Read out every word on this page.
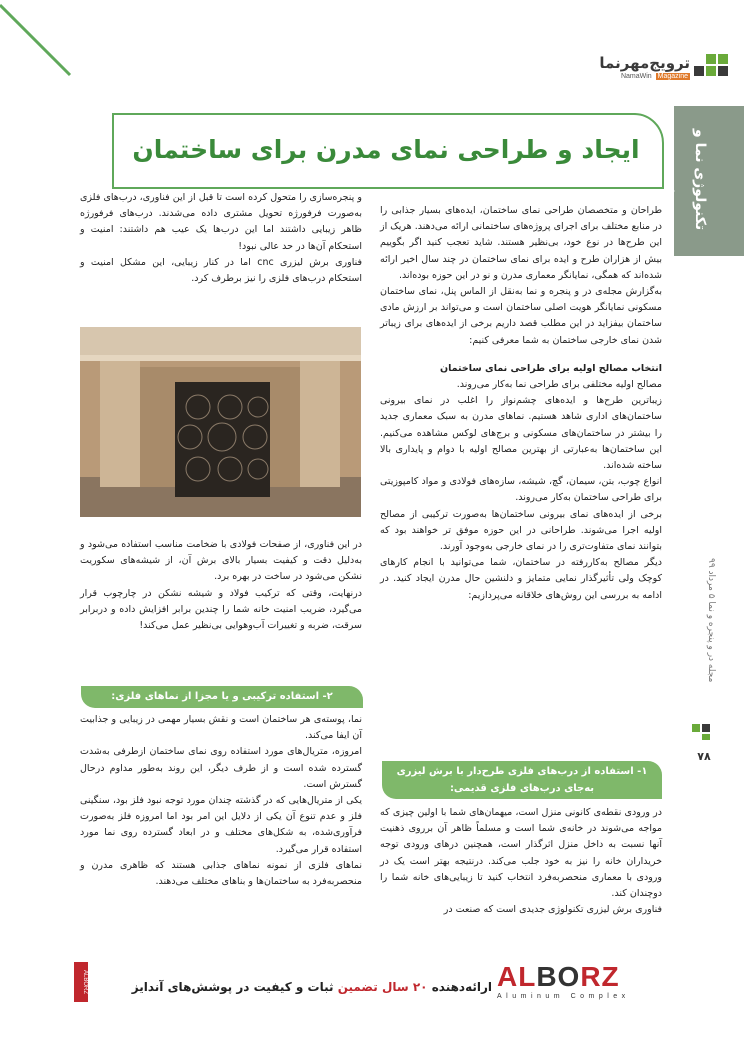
ترویج‌مهر‌نما
NamaWin Magazine
تکنولوژی نما و پنجره
مجله در و پنجره و نما ۵ مرداد ۹۹
۷۸
ایجاد و طراحی نمای مدرن برای ساختمان

طراحان و متخصصان طراحی نمای ساختمان، ایده‌های بسیار جذابی را در منابع مختلف برای اجرای پروژه‌های ساختمانی ارائه می‌دهند. هریک از این طرح‌ها در نوع خود، بی‌نظیر هستند. شاید تعجب کنید اگر بگوییم بیش از هزاران طرح و ایده برای نمای ساختمان در چند سال اخیر ارائه شده‌اند که همگی، نمایانگر معماری مدرن و نو در این حوزه بوده‌اند.

به‌گزارش مجله‌ی در و پنجره و نما به‌نقل از الماس پنل، نمای ساختمان مسکونی نمایانگر هویت اصلی ساختمان است و می‌تواند بر ارزش مادی ساختمان بیفزاید در این مطلب قصد داریم برخی از ایده‌های برای زیباتر شدن نمای خارجی ساختمان به شما معرفی کنیم:

انتخاب مصالح اولیه برای طراحی نمای ساختمان

مصالح اولیه مختلفی برای طراحی نما به‌کار می‌روند.

زیباترین طرح‌ها و ایده‌های چشم‌نواز را اغلب در نمای بیرونی ساختمان‌های اداری شاهد هستیم. نماهای مدرن به سبک معماری جدید را بیشتر در ساختمان‌های مسکونی و برج‌های لوکس مشاهده می‌کنیم. این ساختمان‌ها به‌عبارتی از بهترین مصالح اولیه با دوام و پایداری بالا ساخته شده‌اند.

انواع چوب، بتن، سیمان، گچ، شیشه، سازه‌های فولادی و مواد کامپوزیتی برای طراحی ساختمان به‌کار می‌روند.

برخی از ایده‌های نمای بیرونی ساختمان‌ها به‌صورت ترکیبی از مصالح اولیه اجرا می‌شوند. طراحانی در این حوزه موفق تر خواهند بود که بتوانند نمای متفاوت‌تری را در نمای خارجی به‌وجود آورند.

دیگر مصالح به‌کاررفته در ساختمان، شما می‌توانید با انجام کارهای کوچک ولی تأثیرگذار نمایی متمایز و دلنشین حال مدرن ایجاد کنید. در ادامه به بررسی این روش‌های خلاقانه می‌پردازیم:

۱- استفاده از درب‌های فلزی طرح‌دار با برش لیزری به‌جای درب‌های فلزی قدیمی:

در ورودی نقطه‌ی کانونی منزل است، میهمان‌های شما با اولین چیزی که مواجه می‌شوند در خانه‌ی شما است و مسلماً ظاهر آن برروی ذهنیت آنها نسبت به داخل منزل اثرگذار است، همچنین درهای ورودی توجه خریداران خانه را نیز به خود جلب می‌کند. درنتیجه بهتر است یک در ورودی با معماری منحصربه‌فرد انتخاب کنید تا زیبایی‌های خانه شما را دوچندان کند.

فناوری برش لیزری تکنولوژی جدیدی است که صنعت در

و پنجره‌سازی را متحول کرده است تا قبل از این فناوری، درب‌های فلزی به‌صورت فرفورژه تحویل مشتری داده می‌شدند. درب‌های فرفورژه ظاهر زیبایی داشتند اما این درب‌ها یک عیب هم داشتند: امنیت و استحکام آن‌ها در حد عالی نبود!

فناوری برش لیزری cnc اما در کنار زیبایی، این مشکل امنیت و استحکام درب‌های فلزی را نیز برطرف کرد.

در این فناوری، از صفحات فولادی با ضخامت مناسب استفاده می‌شود و به‌دلیل دقت و کیفیت بسیار بالای برش آن، از شیشه‌های سکوریت نشکن می‌شود در ساخت در بهره برد.

درنهایت، وقتی که ترکیب فولاد و شیشه نشکن در چارچوب قرار می‌گیرد، ضریب امنیت خانه شما را چندین برابر افزایش داده و دربرابر سرقت، ضربه و تغییرات آب‌وهوایی بی‌نظیر عمل می‌کند!

۲- استفاده ترکیبی و یا مجزا از نماهای فلزی:

نما، پوسته‌ی هر ساختمان است و نقش بسیار مهمی در زیبایی و جذابیت آن ایفا می‌کند.

امروزه، متریال‌های مورد استفاده روی نمای ساختمان ازطرفی به‌شدت گسترده شده است و از طرف دیگر، این روند به‌طور مداوم درحال گسترش است.

یکی از متریال‌هایی که در گذشته چندان مورد توجه نبود فلز بود، سنگینی فلز و عدم تنوع آن یکی از دلایل این امر بود اما امروزه فلز به‌صورت فرآوری‌شده، به شکل‌های مختلف و در ابعاد گسترده روی نما مورد استفاده قرار می‌گیرد.

نماهای فلزی از نمونه نماهای جذابی هستند که ظاهری مدرن و منحصربه‌فرد به ساختمان‌ها و بناهای مختلف می‌دهند.

ALBORZ	ارائه‌دهنده ۲۰ سال تضمین ثبات و کیفیت در پوشش‌های آندایز	ALBORZ
Aluminum Complex
